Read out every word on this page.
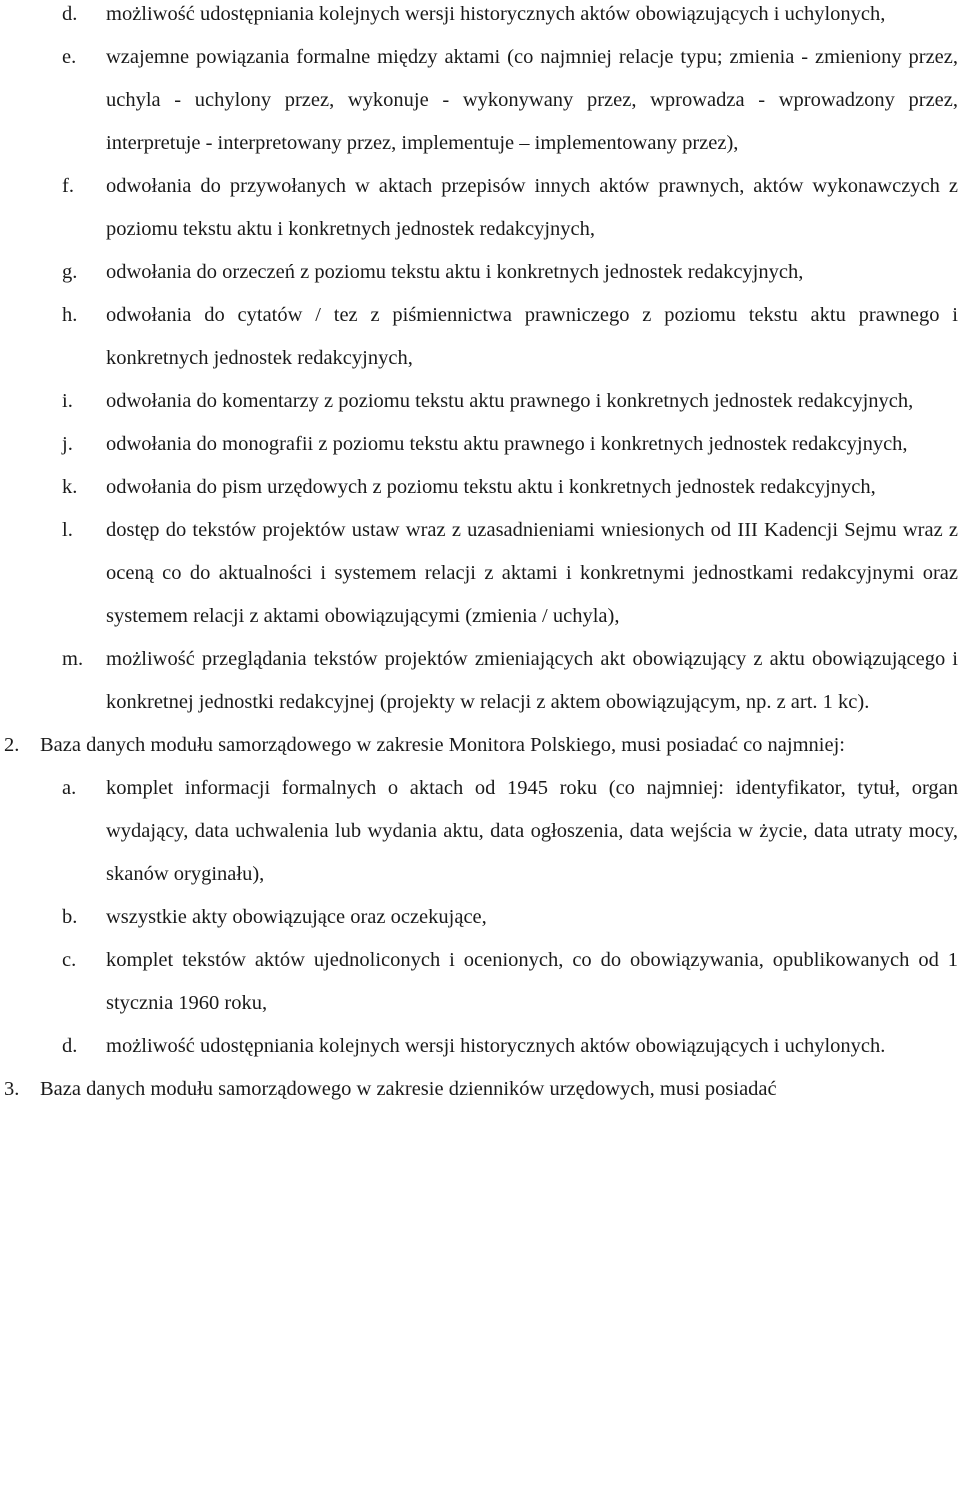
d. możliwość udostępniania kolejnych wersji historycznych aktów obowiązujących i uchylonych,

e. wzajemne powiązania formalne między aktami (co najmniej relacje typu; zmienia - zmieniony przez, uchyla - uchylony przez, wykonuje - wykonywany przez, wprowadza - wprowadzony przez, interpretuje - interpretowany przez, implementuje – implementowany przez),

f. odwołania do przywołanych w aktach przepisów innych aktów prawnych, aktów wykonawczych z poziomu tekstu aktu i konkretnych jednostek redakcyjnych,

g. odwołania do orzeczeń z poziomu tekstu aktu i konkretnych jednostek redakcyjnych,

h. odwołania do cytatów / tez z piśmiennictwa prawniczego z poziomu tekstu aktu prawnego i konkretnych jednostek redakcyjnych,

i. odwołania do komentarzy z poziomu tekstu aktu prawnego i konkretnych jednostek redakcyjnych,

j. odwołania do monografii z poziomu tekstu aktu prawnego i konkretnych jednostek redakcyjnych,

k. odwołania do pism urzędowych z poziomu tekstu aktu i konkretnych jednostek redakcyjnych,

l. dostęp do tekstów projektów ustaw wraz z uzasadnieniami wniesionych od III Kadencji Sejmu wraz z oceną co do aktualności i systemem relacji z aktami i konkretnymi jednostkami redakcyjnymi oraz systemem relacji z aktami obowiązującymi (zmienia / uchyla),

m. możliwość przeglądania tekstów projektów zmieniających akt obowiązujący z aktu obowiązującego i konkretnej jednostki redakcyjnej (projekty w relacji z aktem obowiązującym, np. z art. 1 kc).

2. Baza danych modułu samorządowego w zakresie Monitora Polskiego, musi posiadać co najmniej:

a. komplet informacji formalnych o aktach od 1945 roku (co najmniej: identyfikator, tytuł, organ wydający, data uchwalenia lub wydania aktu, data ogłoszenia, data wejścia w życie, data utraty mocy, skanów oryginału),

b. wszystkie akty obowiązujące oraz oczekujące,

c. komplet tekstów aktów ujednoliconych i ocenionych, co do obowiązywania, opublikowanych od 1 stycznia 1960 roku,

d. możliwość udostępniania kolejnych wersji historycznych aktów obowiązujących i uchylonych.

3. Baza danych modułu samorządowego w zakresie dzienników urzędowych, musi posiadać
